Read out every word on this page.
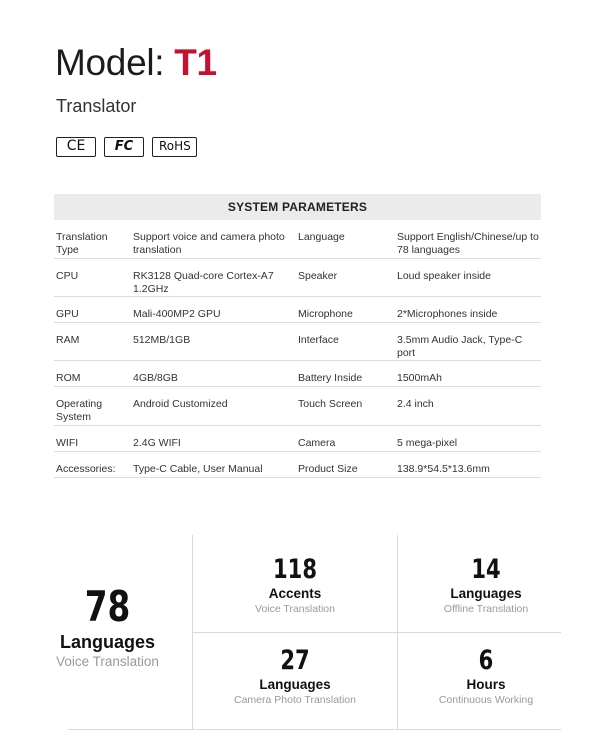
Model: T1
Translator
CE	FC	RoHS
SYSTEM PARAMETERS
Translation Type	Support voice and camera photo translation	Language	Support English/Chinese/up to 78 languages

CPU	RK3128 Quad-core Cortex-A7 1.2GHz	Speaker	Loud speaker inside

GPU	Mali-400MP2 GPU	Microphone	2*Microphones inside

RAM	512MB/1GB	Interface	3.5mm Audio Jack, Type-C port

ROM	4GB/8GB	Battery Inside	1500mAh

Operating System	Android Customized	Touch Screen	2.4 inch

WIFI	2.4G WIFI	Camera	5 mega-pixel

Accessories:	Type-C Cable, User Manual	Product Size	138.9*54.5*13.6mm
78
Languages
Voice Translation
118
Accents
Voice Translation
14
Languages
Offline Translation
27
Languages
Camera Photo Translation
6
Hours
Continuous Working
